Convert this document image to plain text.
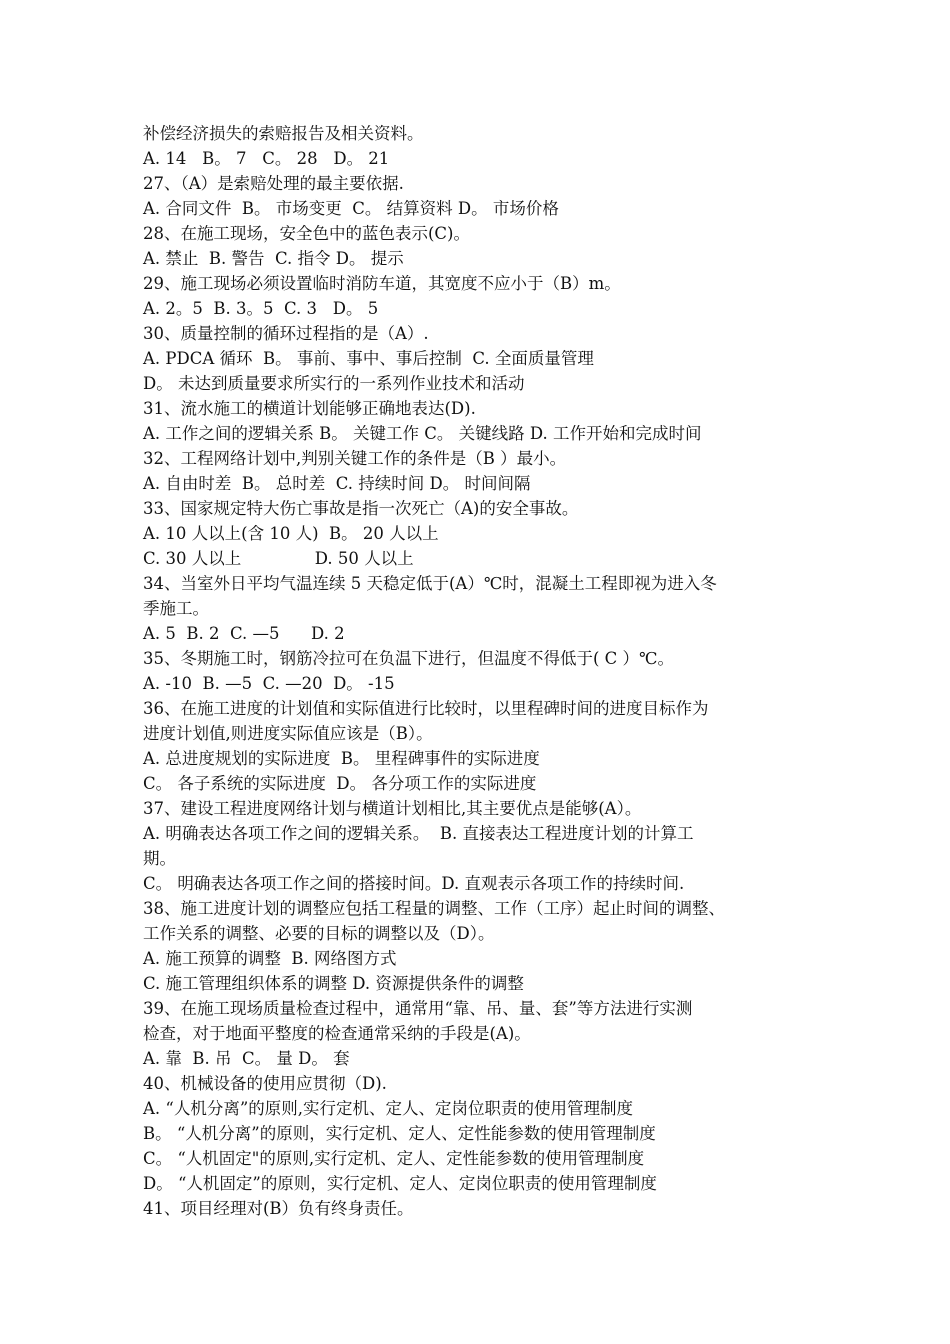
补偿经济损失的索赔报告及相关资料。
A. 14   B。 7   C。 28   D。 21
27、（A）是索赔处理的最主要依据.
A. 合同文件  B。 市场变更  C。 结算资料 D。 市场价格
28、在施工现场，安全色中的蓝色表示(C)。
A. 禁止  B. 警告  C. 指令 D。 提示
29、施工现场必须设置临时消防车道，其宽度不应小于（B）m。
A. 2。5  B. 3。5  C. 3   D。 5
30、质量控制的循环过程指的是（A）.
A. PDCA 循环  B。 事前、事中、事后控制  C. 全面质量管理
D。 未达到质量要求所实行的一系列作业技术和活动
31、流水施工的横道计划能够正确地表达(D).
A. 工作之间的逻辑关系 B。 关键工作 C。 关键线路 D. 工作开始和完成时间
32、工程网络计划中,判别关键工作的条件是（B ）最小。
A. 自由时差  B。 总时差  C. 持续时间 D。 时间间隔
33、国家规定特大伤亡事故是指一次死亡（A)的安全事故。
A. 10 人以上(含 10 人)  B。 20 人以上
C. 30 人以上              D. 50 人以上
34、当室外日平均气温连续 5 天稳定低于(A）℃时，混凝土工程即视为进入冬
季施工。
A. 5  B. 2  C. —5      D. 2
35、冬期施工时，钢筋冷拉可在负温下进行，但温度不得低于( C ）℃。
A. -10  B. —5  C. —20  D。 -15
36、在施工进度的计划值和实际值进行比较时，以里程碑时间的进度目标作为
进度计划值,则进度实际值应该是（B）。
A. 总进度规划的实际进度  B。 里程碑事件的实际进度
C。 各子系统的实际进度  D。 各分项工作的实际进度
37、建设工程进度网络计划与横道计划相比,其主要优点是能够(A）。
A. 明确表达各项工作之间的逻辑关系。  B. 直接表达工程进度计划的计算工
期。
C。 明确表达各项工作之间的搭接时间。D. 直观表示各项工作的持续时间.
38、施工进度计划的调整应包括工程量的调整、工作（工序）起止时间的调整、
工作关系的调整、必要的目标的调整以及（D）。
A. 施工预算的调整  B. 网络图方式
C. 施工管理组织体系的调整 D. 资源提供条件的调整
39、在施工现场质量检查过程中，通常用“靠、吊、量、套”等方法进行实测
检查，对于地面平整度的检查通常采纳的手段是(A)。
A. 靠  B. 吊  C。 量 D。 套
40、机械设备的使用应贯彻（D).
A. “人机分离”的原则,实行定机、定人、定岗位职责的使用管理制度
B。 “人机分离”的原则，实行定机、定人、定性能参数的使用管理制度
C。 “人机固定"的原则,实行定机、定人、定性能参数的使用管理制度
D。 “人机固定”的原则，实行定机、定人、定岗位职责的使用管理制度
41、项目经理对(B）负有终身责任。
